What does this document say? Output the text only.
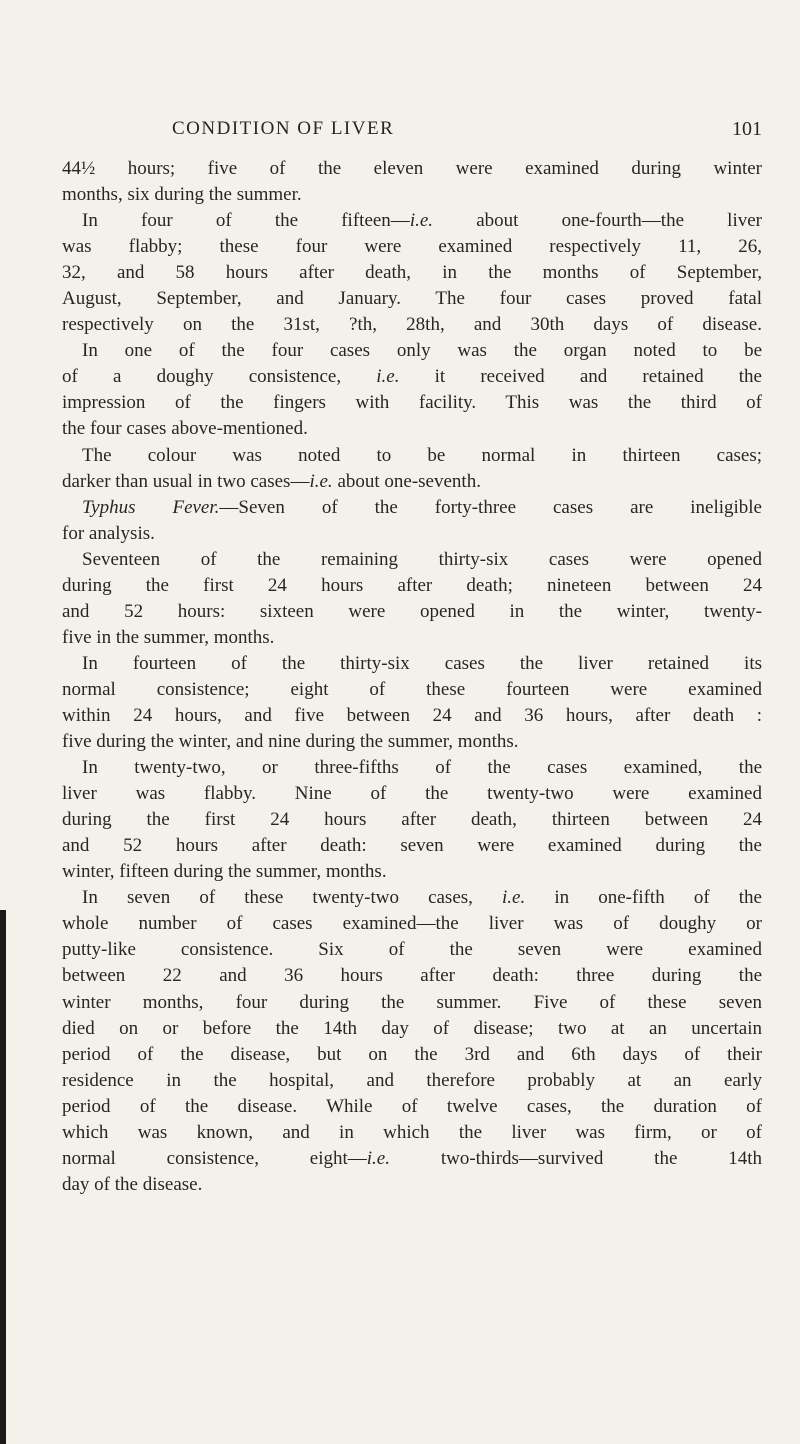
CONDITION OF LIVER	101
44½ hours; five of the eleven were examined during winter
months, six during the summer.
In four of the fifteen—i.e. about one-fourth—the liver
was flabby; these four were examined respectively 11, 26,
32, and 58 hours after death, in the months of September,
August, September, and January. The four cases proved fatal
respectively on the 31st, ?th, 28th, and 30th days of disease.
In one of the four cases only was the organ noted to be
of a doughy consistence, i.e. it received and retained the
impression of the fingers with facility. This was the third of
the four cases above-mentioned.
The colour was noted to be normal in thirteen cases;
darker than usual in two cases—i.e. about one-seventh.
Typhus Fever.—Seven of the forty-three cases are ineligible
for analysis.
Seventeen of the remaining thirty-six cases were opened
during the first 24 hours after death; nineteen between 24
and 52 hours: sixteen were opened in the winter, twenty-
five in the summer, months.
In fourteen of the thirty-six cases the liver retained its
normal consistence; eight of these fourteen were examined
within 24 hours, and five between 24 and 36 hours, after death :
five during the winter, and nine during the summer, months.
In twenty-two, or three-fifths of the cases examined, the
liver was flabby. Nine of the twenty-two were examined
during the first 24 hours after death, thirteen between 24
and 52 hours after death: seven were examined during the
winter, fifteen during the summer, months.
In seven of these twenty-two cases, i.e. in one-fifth of the
whole number of cases examined—the liver was of doughy or
putty-like consistence. Six of the seven were examined
between 22 and 36 hours after death: three during the
winter months, four during the summer. Five of these seven
died on or before the 14th day of disease; two at an uncertain
period of the disease, but on the 3rd and 6th days of their
residence in the hospital, and therefore probably at an early
period of the disease. While of twelve cases, the duration of
which was known, and in which the liver was firm, or of
normal consistence, eight—i.e. two-thirds—survived the 14th
day of the disease.
